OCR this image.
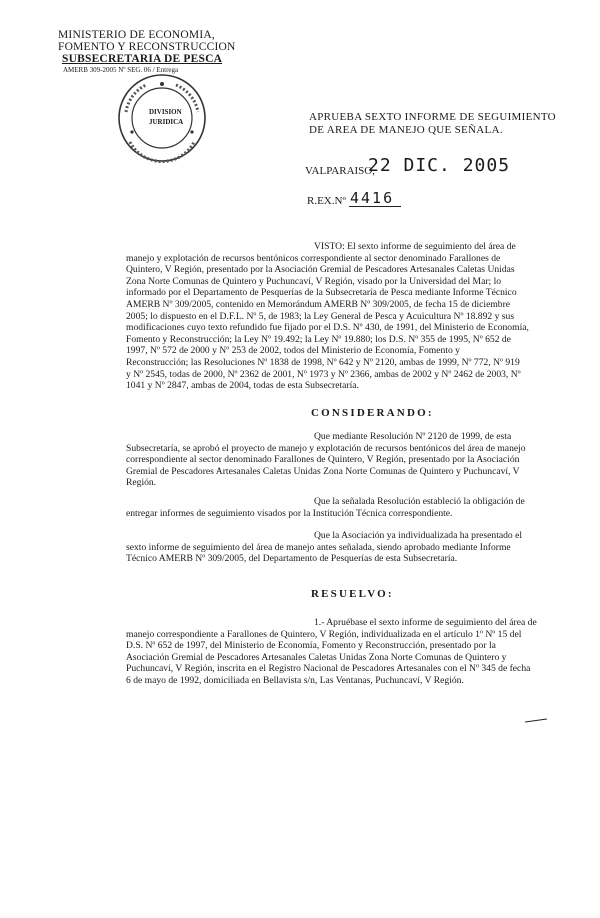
MINISTERIO DE ECONOMIA,
FOMENTO Y RECONSTRUCCION
SUBSECRETARIA DE PESCA
AMERB 309-2005 Nº SEG. 06 / Entrega
DIVISION
JURIDICA	APRUEBA SEXTO INFORME DE SEGUIMIENTO
DE AREA DE MANEJO QUE SEÑALA.
VALPARAISO,
22 DIC. 2005
R.EX.Nº 4416
VISTO: El sexto informe de seguimiento del área de
manejo y explotación de recursos bentónicos correspondiente al sector denominado Farallones de
Quintero, V Región, presentado por la Asociación Gremial de Pescadores Artesanales Caletas Unidas
Zona Norte Comunas de Quintero y Puchuncaví, V Región, visado por la Universidad del Mar; lo
informado por el Departamento de Pesquerías de la Subsecretaría de Pesca mediante Informe Técnico
AMERB Nº 309/2005, contenido en Memorándum AMERB Nº 309/2005, de fecha 15 de diciembre
2005; lo dispuesto en el D.F.L. Nº 5, de 1983; la Ley General de Pesca y Acuicultura Nº 18.892 y sus
modificaciones cuyo texto refundido fue fijado por el D.S. Nº 430, de 1991, del Ministerio de Economía,
Fomento y Reconstrucción; la Ley Nº 19.492; la Ley Nº 19.880; los D.S. Nº 355 de 1995, Nº 652 de
1997, Nº 572 de 2000 y Nº 253 de 2002, todos del Ministerio de Economía, Fomento y
Reconstrucción; las Resoluciones Nº 1838 de 1998, Nº 642 y Nº 2120, ambas de 1999, Nº 772, Nº 919
y Nº 2545, todas de 2000, Nº 2362 de 2001, Nº 1973 y Nº 2366, ambas de 2002 y Nº 2462 de 2003, Nº
1041 y Nº 2847, ambas de 2004, todas de esta Subsecretaría.
CONSIDERANDO:
Que mediante Resolución Nº 2120 de 1999, de esta
Subsecretaría, se aprobó el proyecto de manejo y explotación de recursos bentónicos del área de manejo
correspondiente al sector denominado Farallones de Quintero, V Región, presentado por la Asociación
Gremial de Pescadores Artesanales Caletas Unidas Zona Norte Comunas de Quintero y Puchuncaví, V
Región.
Que la señalada Resolución estableció la obligación de
entregar informes de seguimiento visados por la Institución Técnica correspondiente.
Que la Asociación ya individualizada ha presentado el
sexto informe de seguimiento del área de manejo antes señalada, siendo aprobado mediante Informe
Técnico AMERB Nº 309/2005, del Departamento de Pesquerías de esta Subsecretaría.
RESUELVO:
1.- Apruébase el sexto informe de seguimiento del área de
manejo correspondiente a Farallones de Quintero, V Región, individualizada en el artículo 1º Nº 15 del
D.S. Nº 652 de 1997, del Ministerio de Economía, Fomento y Reconstrucción, presentado por la
Asociación Gremial de Pescadores Artesanales Caletas Unidas Zona Norte Comunas de Quintero y
Puchuncaví, V Región, inscrita en el Registro Nacional de Pescadores Artesanales con el Nº 345 de fecha
6 de mayo de 1992, domiciliada en Bellavista s/n, Las Ventanas, Puchuncaví, V Región.
